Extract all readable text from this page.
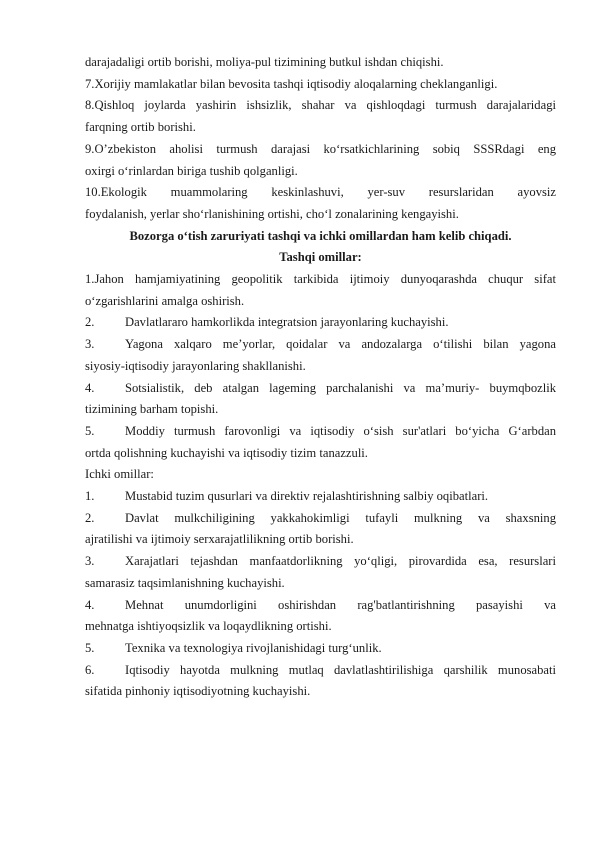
darajadaligi ortib borishi, moliya-pul tizimining butkul ishdan chiqishi.
7.Xorijiy mamlakatlar bilan bevosita tashqi iqtisodiy aloqalarning cheklanganligi.
8.Qishloq joylarda yashirin ishsizlik, shahar va qishloqdagi turmush darajalaridagi
farqning ortib borishi.
9.O’zbekiston aholisi turmush darajasi ko‘rsatkichlarining sobiq SSSRdagi eng
oxirgi o‘rinlardan biriga tushib qolganligi.
10.Ekologik muammolaring keskinlashuvi, yer-suv resurslaridan ayovsiz
foydalanish, yerlar sho‘rlanishining ortishi, cho‘l zonalarining kengayishi.
Bozorga o‘tish zaruriyati tashqi va ichki omillardan ham kelib chiqadi.
Tashqi omillar:
1.Jahon hamjamiyatining geopolitik tarkibida ijtimoiy dunyoqarashda chuqur sifat
o‘zgarishlarini amalga oshirish.
2.	Davlatlararo hamkorlikda integratsion jarayonlaring kuchayishi.
3.	Yagona xalqaro me’yorlar, qoidalar va andozalarga o‘tilishi bilan yagona
siyosiy-iqtisodiy jarayonlaring shakllanishi.
4.	Sotsialistik, deb atalgan lageming parchalanishi va ma’muriy- buymqbozlik
tizimining barham topishi.
5.	Moddiy turmush farovonligi va iqtisodiy o‘sish sur'atlari bo‘yicha G‘arbdan
ortda qolishning kuchayishi va iqtisodiy tizim tanazzuli.
Ichki omillar:
1.	Mustabid tuzim qusurlari va direktiv rejalashtirishning salbiy oqibatlari.
2.	Davlat mulkchiligining yakkahokimligi tufayli mulkning va shaxsning
ajratilishi va ijtimoiy serxarajatlilikning ortib borishi.
3.	Xarajatlari tejashdan manfaatdorlikning yo‘qligi, pirovardida esa, resurslari
samarasiz taqsimlanishning kuchayishi.
4.	Mehnat unumdorligini oshirishdan rag'batlantirishning pasayishi va
mehnatga ishtiyoqsizlik va loqaydlikning ortishi.
5.	Texnika va texnologiya rivojlanishidagi turg‘unlik.
6.	Iqtisodiy hayotda mulkning mutlaq davlatlashtirilishiga qarshilik munosabati
sifatida pinhoniy iqtisodiyotning kuchayishi.
